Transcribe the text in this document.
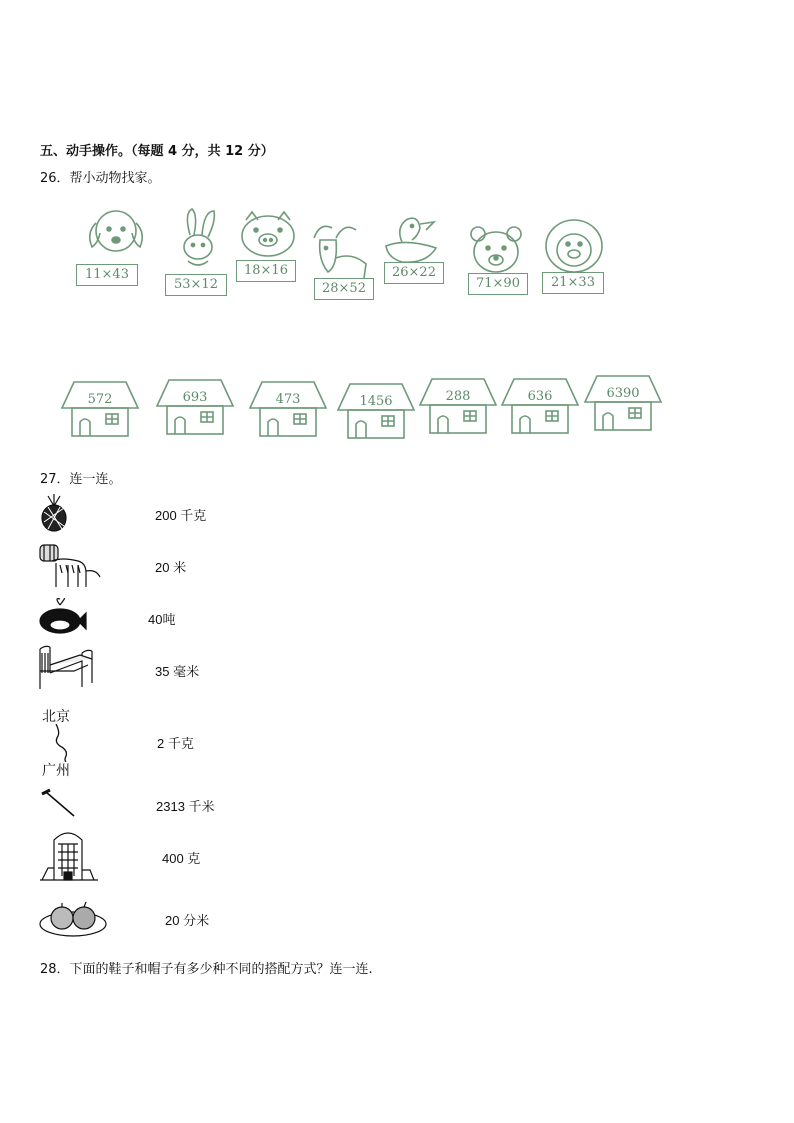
五、动手操作。（每题 4 分，共 12 分）
26．帮小动物找家。
11×43
53×12
18×16
28×52
26×22
71×90	21×33
572	693	473	1456	288	636	6390
27．连一连。
200 千克
20 米
40吨
35 毫米
北京
广州
2 千克
2313 千米
400 克
20 分米
28．下面的鞋子和帽子有多少种不同的搭配方式？连一连.
